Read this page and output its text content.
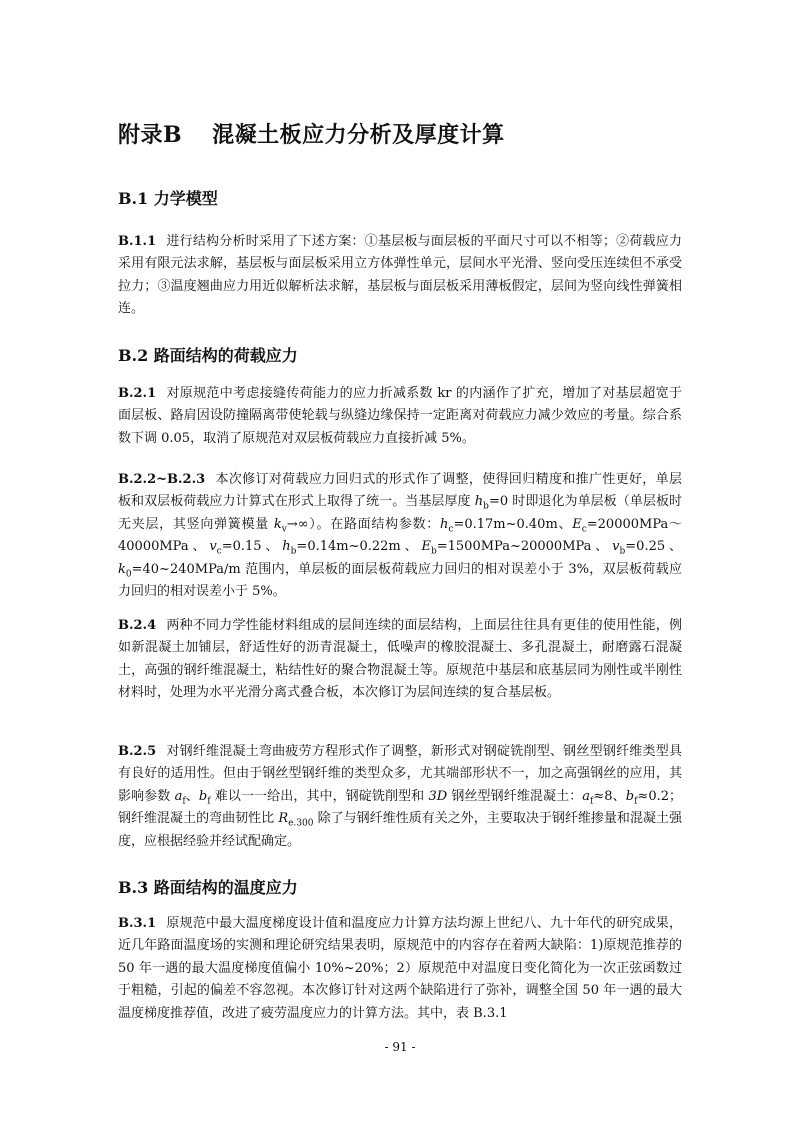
附录B 混凝土板应力分析及厚度计算
B.1 力学模型

B.1.1 进行结构分析时采用了下述方案：①基层板与面层板的平面尺寸可以不相等；②荷载应力采用有限元法求解，基层板与面层板采用立方体弹性单元，层间水平光滑、竖向受压连续但不承受拉力；③温度翘曲应力用近似解析法求解，基层板与面层板采用薄板假定，层间为竖向线性弹簧相连。

B.2 路面结构的荷载应力

B.2.1 对原规范中考虑接缝传荷能力的应力折减系数 kr 的内涵作了扩充，增加了对基层超宽于面层板、路肩因设防撞隔离带使轮载与纵缝边缘保持一定距离对荷载应力减少效应的考量。综合系数下调 0.05，取消了原规范对双层板荷载应力直接折减 5%。

B.2.2~B.2.3 本次修订对荷载应力回归式的形式作了调整，使得回归精度和推广性更好，单层板和双层板荷载应力计算式在形式上取得了统一。当基层厚度 $h_b=0$ 时即退化为单层板（单层板时无夹层，其竖向弹簧模量 $k_v\to\infty$）。在路面结构参数：$h_c=0.17m\sim 0.40m$、$E_c=20000MPa\sim 40000MPa$、$v_c=0.15$、$h_b=0.14m\sim 0.22m$、$E_b=1500MPa\sim 20000MPa$、$v_b=0.25$、$k_0=40\sim 240MPa/m$ 范围内，单层板的面层板荷载应力回归的相对误差小于 3%，双层板荷载应力回归的相对误差小于 5%。

B.2.4 两种不同力学性能材料组成的层间连续的面层结构，上面层往往具有更佳的使用性能，例如新混凝土加铺层，舒适性好的沥青混凝土，低噪声的橡胶混凝土、多孔混凝土，耐磨露石混凝土，高强的钢纤维混凝土，粘结性好的聚合物混凝土等。原规范中基层和底基层同为刚性或半刚性材料时，处理为水平光滑分离式叠合板，本次修订为层间连续的复合基层板。

B.2.5 对钢纤维混凝土弯曲疲劳方程形式作了调整，新形式对钢碇铣削型、钢丝型钢纤维类型具有良好的适用性。但由于钢丝型钢纤维的类型众多，尤其端部形状不一，加之高强钢丝的应用，其影响参数 $a_f$、$b_f$ 难以一一给出，其中，钢碇铣削型和 3D 钢丝型钢纤维混凝土：$a_f\approx 8$、$b_f\approx 0.2$；钢纤维混凝土的弯曲韧性比 $R_{e.300}$ 除了与钢纤维性质有关之外，主要取决于钢纤维掺量和混凝土强度，应根据经验并经试配确定。

B.3 路面结构的温度应力

B.3.1 原规范中最大温度梯度设计值和温度应力计算方法均源上世纪八、九十年代的研究成果，近几年路面温度场的实测和理论研究结果表明，原规范中的内容存在着两大缺陷：1)原规范推荐的 50 年一遇的最大温度梯度值偏小 10%~20%；2）原规范中对温度日变化简化为一次正弦函数过于粗糙，引起的偏差不容忽视。本次修订针对这两个缺陷进行了弥补，调整全国 50 年一遇的最大温度梯度推荐值，改进了疲劳温度应力的计算方法。其中，表 B.3.1

- 91 -
